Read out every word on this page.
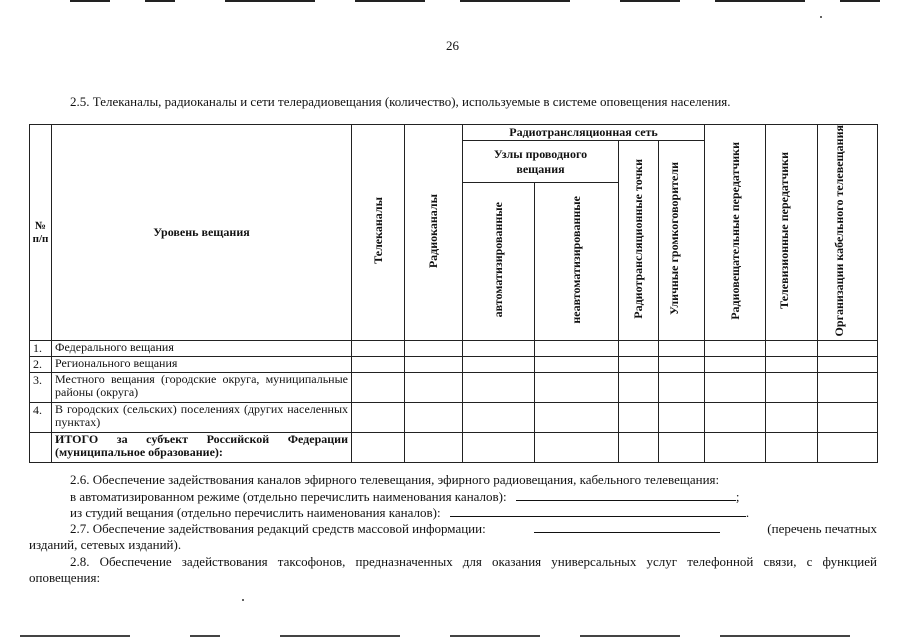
26
2.5. Телеканалы, радиоканалы и сети телерадиовещания (количество), используемые в системе оповещения населения.
№ п/п	Уровень вещания	Телеканалы	Радиоканалы	Радиотрансляционная сеть				Радиовещательные передатчики	Телевизионные передатчики	Организации кабельного телевещания
				Узлы проводного вещания		Радиотрансляционные точки	Уличные громкоговорители			
				автоматизированные	неавтоматизированные					
1.	Федерального вещания									
2.	Регионального вещания									
3.	Местного вещания (городские округа, муниципальные районы (округа)									
4.	В городских (сельских) поселениях (других населенных пунктах)									
	ИТОГО за субъект Российской Федерации (муниципальное образование):									
2.6. Обеспечение задействования каналов эфирного телевещания, эфирного радиовещания, кабельного телевещания:
в автоматизированном режиме (отдельно перечислить наименования каналов):	;
из студий вещания (отдельно перечислить наименования каналов):	.
2.7. Обеспечение задействования редакций средств массовой информации:	(перечень печатных
изданий, сетевых изданий).
2.8. Обеспечение задействования таксофонов, предназначенных для оказания универсальных услуг телефонной связи, с функцией
оповещения:
